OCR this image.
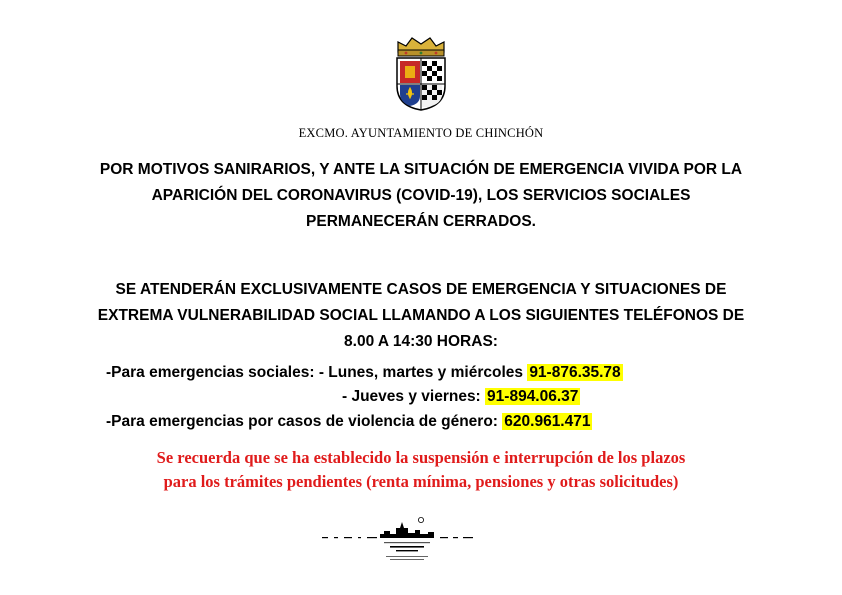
EXCMO. AYUNTAMIENTO DE CHINCHÓN
POR MOTIVOS SANIRARIOS, Y ANTE LA SITUACIÓN DE EMERGENCIA VIVIDA POR LA
APARICIÓN DEL CORONAVIRUS (COVID-19), LOS SERVICIOS SOCIALES
PERMANECERÁN CERRADOS.
SE ATENDERÁN EXCLUSIVAMENTE CASOS DE EMERGENCIA Y SITUACIONES DE
EXTREMA VULNERABILIDAD SOCIAL LLAMANDO A LOS SIGUIENTES TELÉFONOS DE
8.00 A 14:30 HORAS:
-Para emergencias sociales: - Lunes, martes y miércoles 91-876.35.78
- Jueves y viernes: 91-894.06.37
-Para emergencias por casos de violencia de género: 620.961.471
Se recuerda que se ha establecido la suspensión e interrupción de los plazos
para los trámites pendientes (renta mínima, pensiones y otras solicitudes)
